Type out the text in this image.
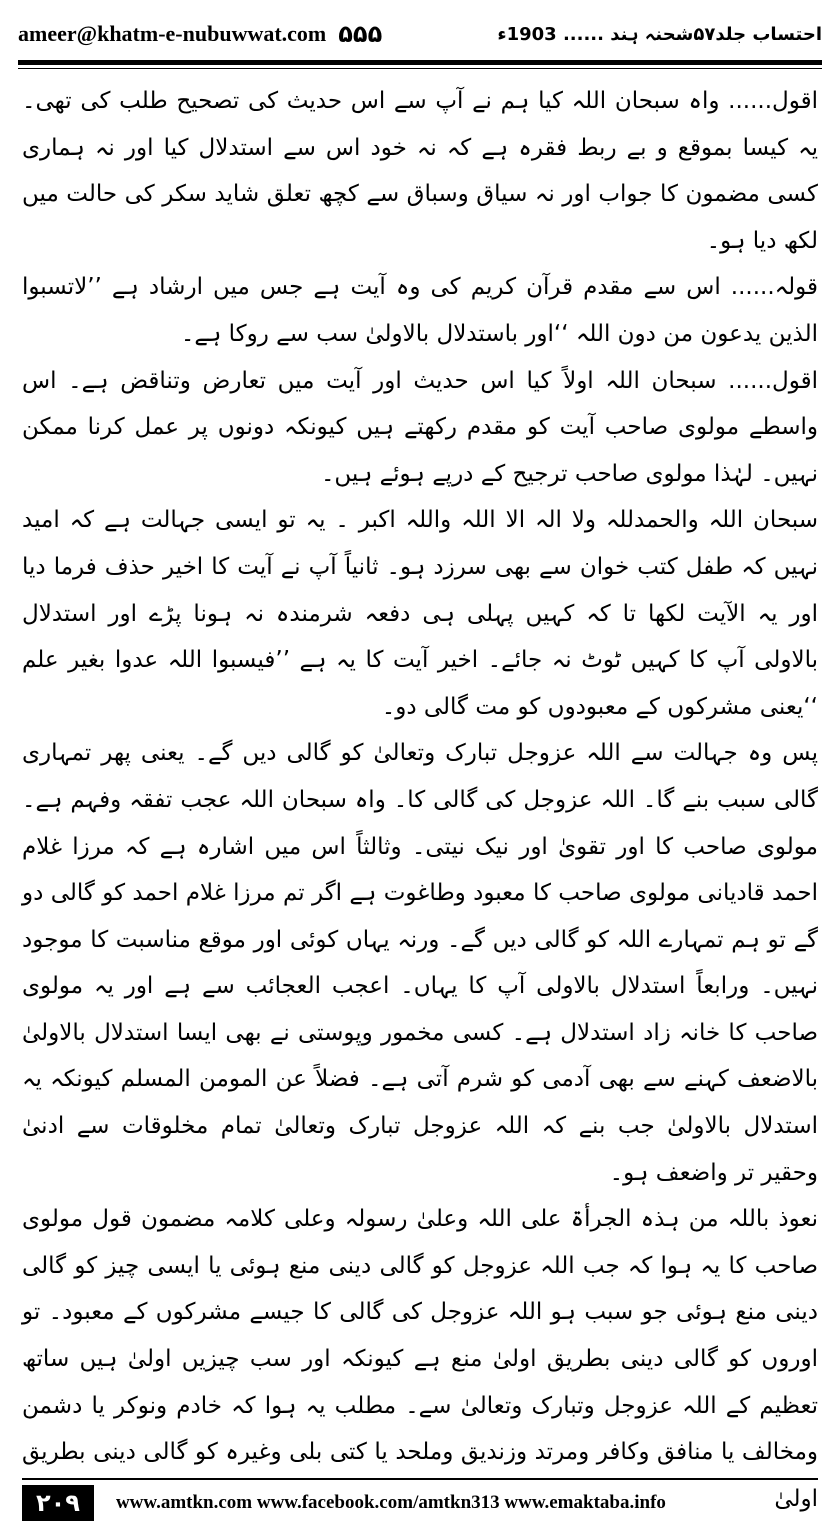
ameer@khatm-e-nubuwwat.com ۵۵۵	احتساب جلد۵۷شحنہ ہند ...... 1903ء

اقول...... واہ سبحان اللہ کیا ہم نے آپ سے اس حدیث کی تصحیح طلب کی تھی۔ یہ کیسا بموقع و بے ربط فقرہ ہے کہ نہ خود اس سے استدلال کیا اور نہ ہماری کسی مضمون کا جواب اور نہ سیاق وسباق سے کچھ تعلق شاید سکر کی حالت میں لکھ دیا ہو۔

قولہ...... اس سے مقدم قرآن کریم کی وہ آیت ہے جس میں ارشاد ہے ’’لاتسبوا الذین یدعون من دون اللہ ‘‘اور باستدلال بالاولیٰ سب سے روکا ہے۔

اقول...... سبحان اللہ اولاً کیا اس حدیث اور آیت میں تعارض وتناقض ہے۔ اس واسطے مولوی صاحب آیت کو مقدم رکھتے ہیں کیونکہ دونوں پر عمل کرنا ممکن نہیں۔ لہٰذا مولوی صاحب ترجیح کے درپے ہوئے ہیں۔

سبحان اللہ والحمدللہ ولا الہ الا اللہ واللہ اکبر ۔ یہ تو ایسی جہالت ہے کہ امید نہیں کہ طفل کتب خوان سے بھی سرزد ہو۔ ثانیاً آپ نے آیت کا اخیر حذف فرما دیا اور یہ الآیت لکھا تا کہ کہیں پہلی ہی دفعہ شرمندہ نہ ہونا پڑے اور استدلال بالاولی آپ کا کہیں ٹوٹ نہ جائے۔ اخیر آیت کا یہ ہے ’’فیسبوا اللہ عدوا بغیر علم ‘‘یعنی مشرکوں کے معبودوں کو مت گالی دو۔

پس وہ جہالت سے اللہ عزوجل تبارک وتعالیٰ کو گالی دیں گے۔ یعنی پھر تمہاری گالی سبب بنے گا۔ اللہ عزوجل کی گالی کا۔ واہ سبحان اللہ عجب تفقہ وفہم ہے۔ مولوی صاحب کا اور تقویٰ اور نیک نیتی۔ وثالثاً اس میں اشارہ ہے کہ مرزا غلام احمد قادیانی مولوی صاحب کا معبود وطاغوت ہے اگر تم مرزا غلام احمد کو گالی دو گے تو ہم تمہارے اللہ کو گالی دیں گے۔ ورنہ یہاں کوئی اور موقع مناسبت کا موجود نہیں۔ ورابعاً استدلال بالاولی آپ کا یہاں۔ اعجب العجائب سے ہے اور یہ مولوی صاحب کا خانہ زاد استدلال ہے۔ کسی مخمور وپوستی نے بھی ایسا استدلال بالاولیٰ بالاضعف کہنے سے بھی آدمی کو شرم آتی ہے۔ فضلاً عن المومن المسلم کیونکہ یہ استدلال بالاولیٰ جب بنے کہ اللہ عزوجل تبارک وتعالیٰ تمام مخلوقات سے ادنیٰ وحقیر تر واضعف ہو۔

نعوذ باللہ من ہذہ الجرأۃ علی اللہ وعلیٰ رسولہ وعلی کلامہ مضمون قول مولوی صاحب کا یہ ہوا کہ جب اللہ عزوجل کو گالی دینی منع ہوئی یا ایسی چیز کو گالی دینی منع ہوئی جو سبب ہو اللہ عزوجل کی گالی کا جیسے مشرکوں کے معبود۔ تو اوروں کو گالی دینی بطریق اولیٰ منع ہے کیونکہ اور سب چیزیں اولیٰ ہیں ساتھ تعظیم کے اللہ عزوجل وتبارک وتعالیٰ سے۔ مطلب یہ ہوا کہ خادم ونوکر یا دشمن ومخالف یا منافق وکافر ومرتد وزندیق وملحد یا کتی بلی وغیرہ کو گالی دینی بطریق اولیٰ

۲۰۹	www.amtkn.com www.facebook.com/amtkn313 www.emaktaba.info
